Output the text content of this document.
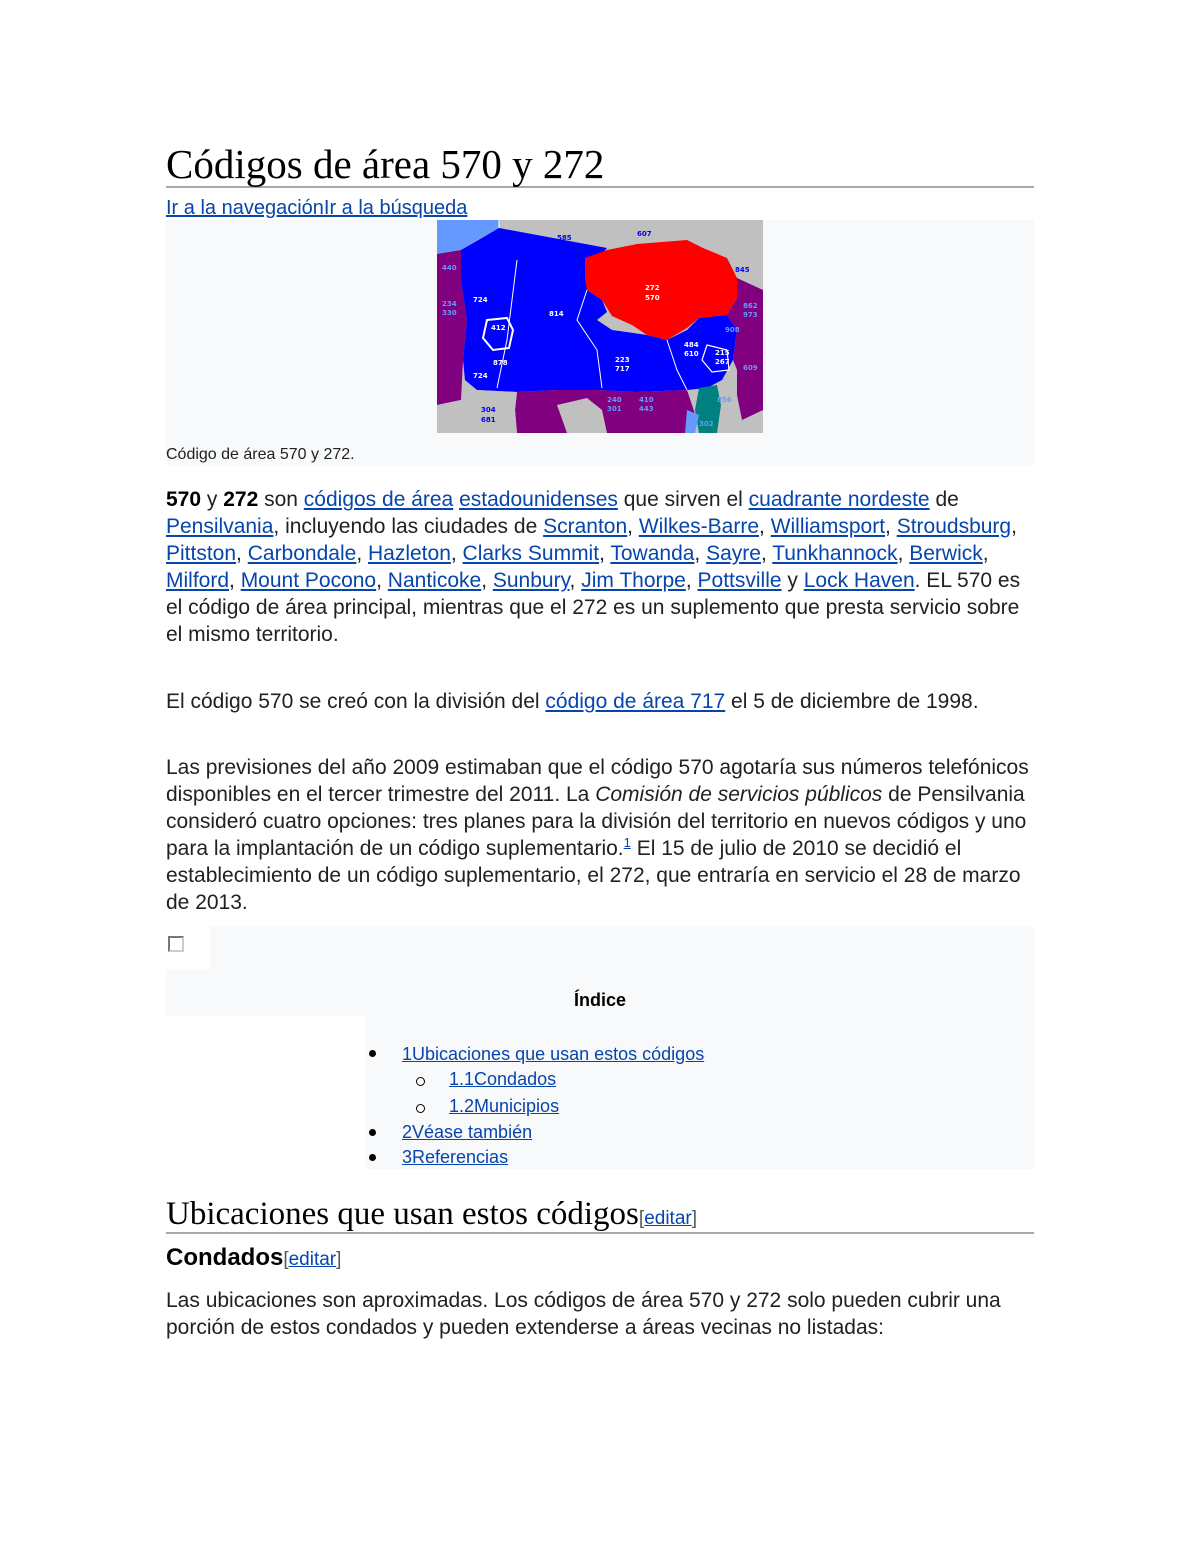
Códigos de área 570 y 272
Ir a la navegaciónIr a la búsqueda
716	585	607
440	845
234
330
724
814
412
272
570
862
973
908
878	223
717
484
610 215
267
609
724
304
681
240
301
410
443
856
302
Código de área 570 y 272.
570 y 272 son códigos de área estadounidenses que sirven el cuadrante nordeste de Pensilvania, incluyendo las ciudades de Scranton, Wilkes-Barre, Williamsport, Stroudsburg, Pittston, Carbondale, Hazleton, Clarks Summit, Towanda, Sayre, Tunkhannock, Berwick, Milford, Mount Pocono, Nanticoke, Sunbury, Jim Thorpe, Pottsville y Lock Haven. EL 570 es el código de área principal, mientras que el 272 es un suplemento que presta servicio sobre el mismo territorio.
El código 570 se creó con la división del código de área 717 el 5 de diciembre de 1998.
Las previsiones del año 2009 estimaban que el código 570 agotaría sus números telefónicos disponibles en el tercer trimestre del 2011. La Comisión de servicios públicos de Pensilvania consideró cuatro opciones: tres planes para la división del territorio en nuevos códigos y uno para la implantación de un código suplementario.$^1$ El 15 de julio de 2010 se decidió el establecimiento de un código suplementario, el 272, que entraría en servicio el 28 de marzo de 2013.
Índice
1Ubicaciones que usan estos códigos
1.1Condados
1.2Municipios
2Véase también
3Referencias
Ubicaciones que usan estos códigos[editar]
Condados[editar]
Las ubicaciones son aproximadas. Los códigos de área 570 y 272 solo pueden cubrir una porción de estos condados y pueden extenderse a áreas vecinas no listadas:
